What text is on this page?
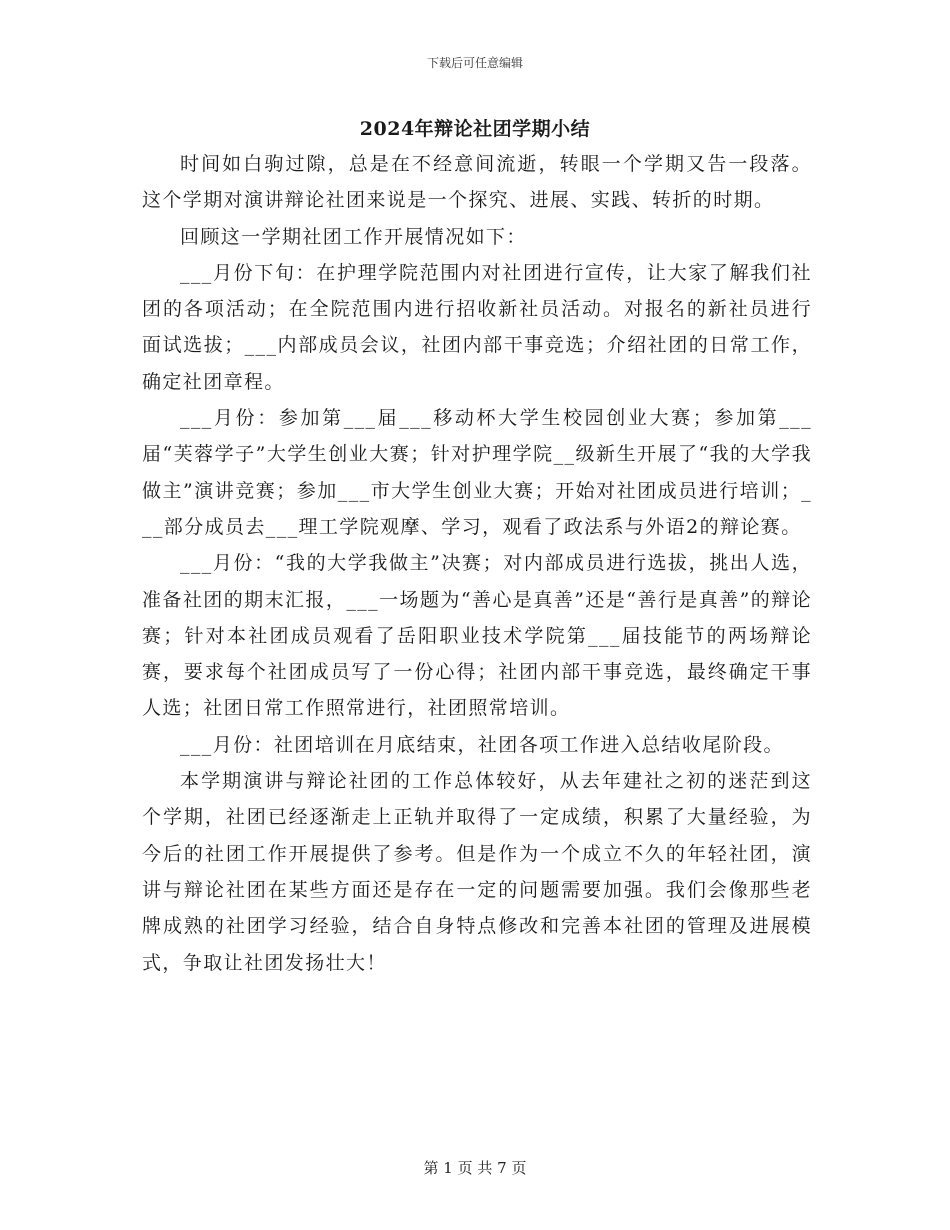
下载后可任意编辑
2024年辩论社团学期小结

时间如白驹过隙，总是在不经意间流逝，转眼一个学期又告一段落。这个学期对演讲辩论社团来说是一个探究、进展、实践、转折的时期。

回顾这一学期社团工作开展情况如下：

___月份下旬：在护理学院范围内对社团进行宣传，让大家了解我们社团的各项活动；在全院范围内进行招收新社员活动。对报名的新社员进行面试选拔；___内部成员会议，社团内部干事竞选；介绍社团的日常工作，确定社团章程。

___月份：参加第___届___移动杯大学生校园创业大赛；参加第___届“芙蓉学子”大学生创业大赛；针对护理学院__级新生开展了“我的大学我做主”演讲竞赛；参加___市大学生创业大赛；开始对社团成员进行培训；___部分成员去___理工学院观摩、学习，观看了政法系与外语2的辩论赛。

___月份：“我的大学我做主”决赛；对内部成员进行选拔，挑出人选，准备社团的期末汇报，___一场题为“善心是真善”还是“善行是真善”的辩论赛；针对本社团成员观看了岳阳职业技术学院第___届技能节的两场辩论赛，要求每个社团成员写了一份心得；社团内部干事竞选，最终确定干事人选；社团日常工作照常进行，社团照常培训。

___月份：社团培训在月底结束，社团各项工作进入总结收尾阶段。

本学期演讲与辩论社团的工作总体较好，从去年建社之初的迷茫到这个学期，社团已经逐渐走上正轨并取得了一定成绩，积累了大量经验，为今后的社团工作开展提供了参考。但是作为一个成立不久的年轻社团，演讲与辩论社团在某些方面还是存在一定的问题需要加强。我们会像那些老牌成熟的社团学习经验，结合自身特点修改和完善本社团的管理及进展模式，争取让社团发扬壮大！

第 1 页 共 7 页
